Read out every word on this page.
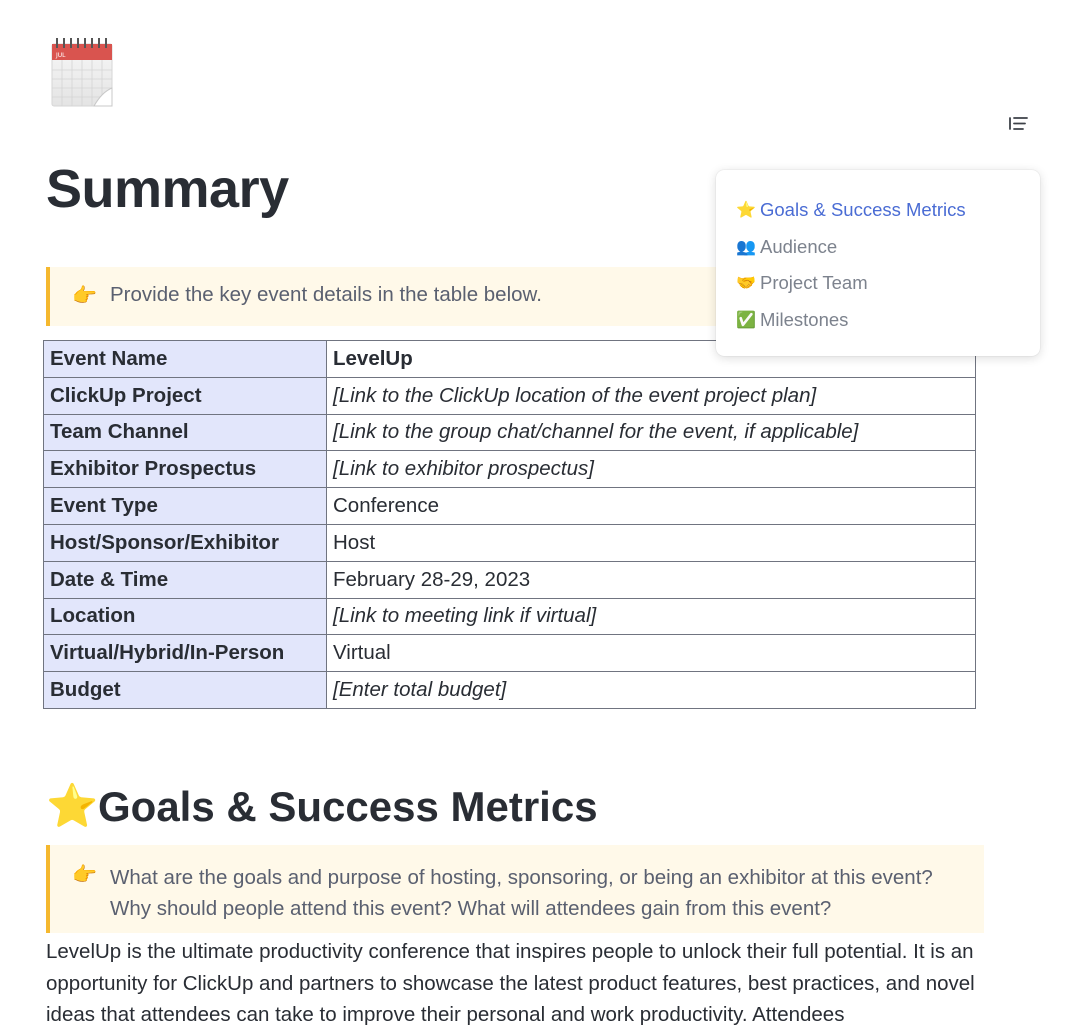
JUL
Summary	⭐ Goals & Success Metrics
👥 Audience
🤝 Project Team
✅ Milestones
👉 Provide the key event details in the table below.
Event Name	LevelUp
ClickUp Project	[Link to the ClickUp location of the event project plan]
Team Channel	[Link to the group chat/channel for the event, if applicable]
Exhibitor Prospectus	[Link to exhibitor prospectus]
Event Type	Conference
Host/Sponsor/Exhibitor	Host
Date & Time	February 28-29, 2023
Location	[Link to meeting link if virtual]
Virtual/Hybrid/In-Person	Virtual
Budget	[Enter total budget]
⭐ Goals & Success Metrics
👉 What are the goals and purpose of hosting, sponsoring, or being an exhibitor at this event?
Why should people attend this event? What will attendees gain from this event?

LevelUp is the ultimate productivity conference that inspires people to unlock their full potential. It is an opportunity for ClickUp and partners to showcase the latest product features, best practices, and novel ideas that attendees can take to improve their personal and work productivity. Attendees
